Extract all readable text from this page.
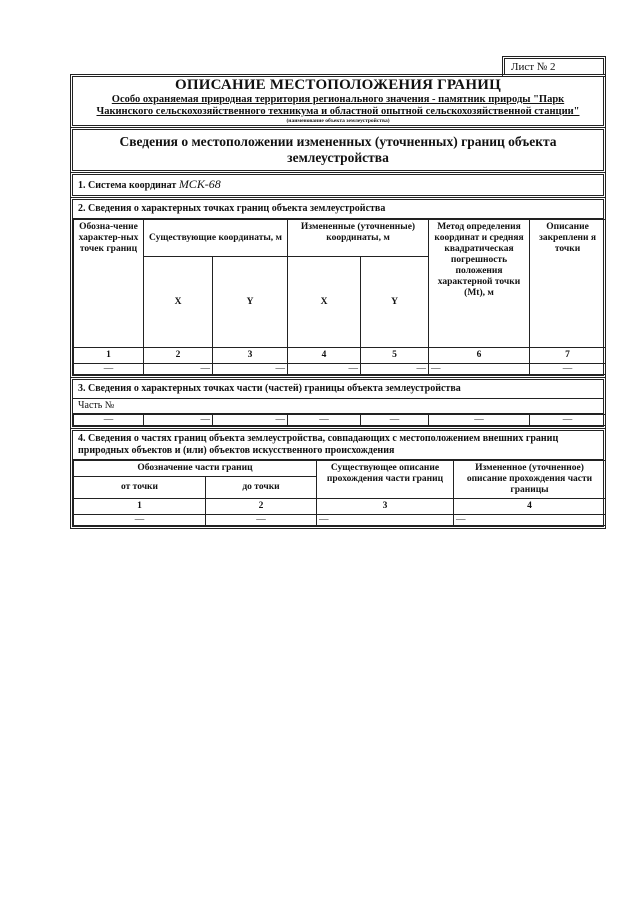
Лист № 2
ОПИСАНИЕ МЕСТОПОЛОЖЕНИЯ ГРАНИЦ
Особо охраняемая природная территория регионального значения - памятник природы "Парк Чакинского сельскохозяйственного техникума и областной опытной сельскохозяйственной станции"
(наименование объекта землеустройства)
Сведения о местоположении измененных (уточненных) границ объекта землеустройства
1. Система координат МСК-68
2. Сведения о характерных точках границ объекта землеустройства
Обозна-чение характер-ных точек границ	Существующие координаты, м		Измененные (уточненные) координаты, м		Метод определения координат и средняя квадратическая погрешность положения характерной точки (Mt), м	Описание закреплени я точки
	X	Y	X	Y		
1	2	3	4	5	6	7
—	—	—	—	—	—	—
3. Сведения о характерных точках части (частей) границы объекта землеустройства
Часть №
—	—	—	—	—	—	—
4. Сведения о частях границ объекта землеустройства, совпадающих с местоположением внешних границ природных объектов и (или) объектов искусственного происхождения
Обозначение части границ		Существующее описание прохождения части границ	Измененное (уточненное) описание прохождения части границы
от точки	до точки		
1	2	3	4
—	—	—	—
